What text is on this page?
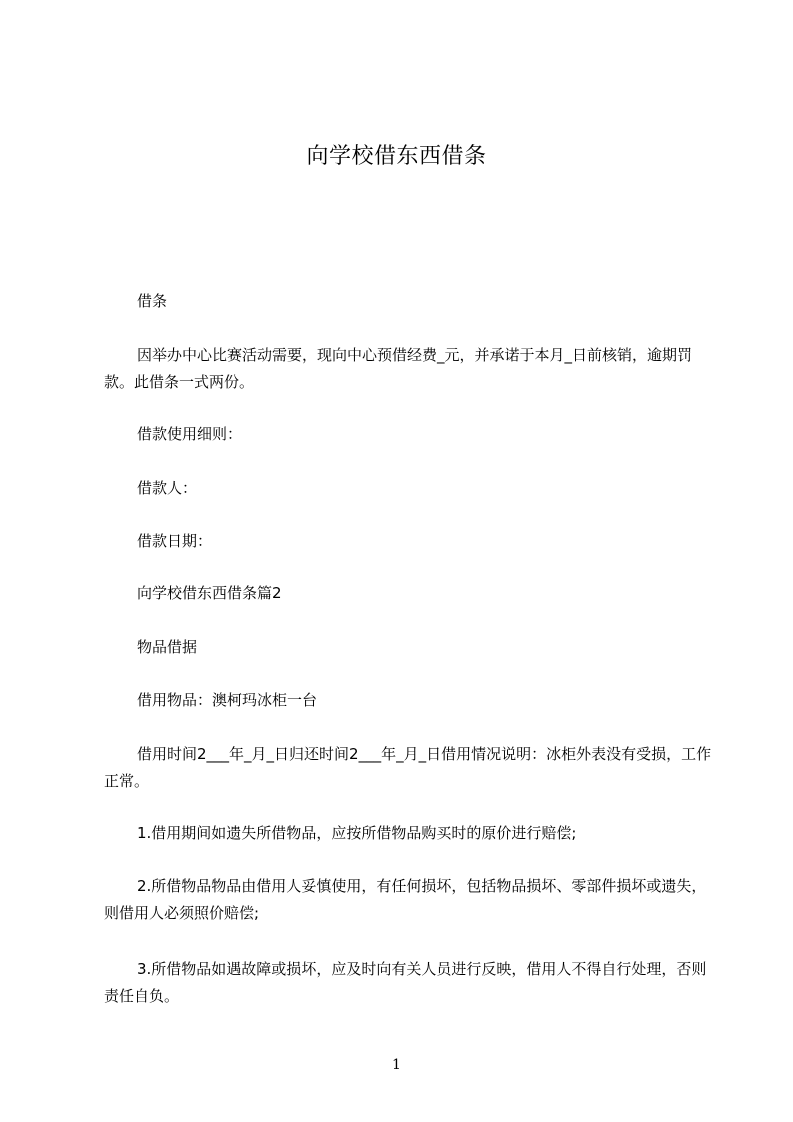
向学校借东西借条
借条
因举办中心比赛活动需要，现向中心预借经费_元，并承诺于本月_日前核销，逾期罚款。此借条一式两份。
借款使用细则：
借款人：
借款日期：
向学校借东西借条篇2
物品借据
借用物品：澳柯玛冰柜一台
借用时间2___年_月_日归还时间2___年_月_日借用情况说明：冰柜外表没有受损，工作正常。
1.借用期间如遗失所借物品，应按所借物品购买时的原价进行赔偿;
2.所借物品物品由借用人妥慎使用，有任何损坏，包括物品损坏、零部件损坏或遗失，则借用人必须照价赔偿;
3.所借物品如遇故障或损坏，应及时向有关人员进行反映，借用人不得自行处理，否则责任自负。
1
